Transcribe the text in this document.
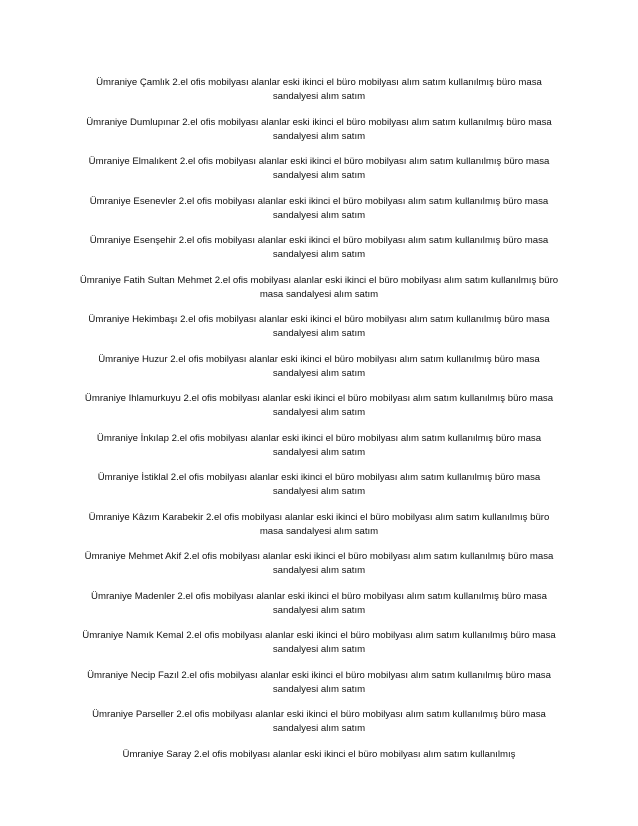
Ümraniye Çamlık 2.el ofis mobilyası alanlar eski ikinci el büro mobilyası alım satım kullanılmış büro masa sandalyesi alım satım

Ümraniye Dumlupınar 2.el ofis mobilyası alanlar eski ikinci el büro mobilyası alım satım kullanılmış büro masa sandalyesi alım satım

Ümraniye Elmalıkent 2.el ofis mobilyası alanlar eski ikinci el büro mobilyası alım satım kullanılmış büro masa sandalyesi alım satım

Ümraniye Esenevler 2.el ofis mobilyası alanlar eski ikinci el büro mobilyası alım satım kullanılmış büro masa sandalyesi alım satım

Ümraniye Esenşehir 2.el ofis mobilyası alanlar eski ikinci el büro mobilyası alım satım kullanılmış büro masa sandalyesi alım satım

Ümraniye Fatih Sultan Mehmet 2.el ofis mobilyası alanlar eski ikinci el büro mobilyası alım satım kullanılmış büro masa sandalyesi alım satım

Ümraniye Hekimbaşı 2.el ofis mobilyası alanlar eski ikinci el büro mobilyası alım satım kullanılmış büro masa sandalyesi alım satım

Ümraniye Huzur 2.el ofis mobilyası alanlar eski ikinci el büro mobilyası alım satım kullanılmış büro masa sandalyesi alım satım

Ümraniye Ihlamurkuyu 2.el ofis mobilyası alanlar eski ikinci el büro mobilyası alım satım kullanılmış büro masa sandalyesi alım satım

Ümraniye İnkılap 2.el ofis mobilyası alanlar eski ikinci el büro mobilyası alım satım kullanılmış büro masa sandalyesi alım satım

Ümraniye İstiklal 2.el ofis mobilyası alanlar eski ikinci el büro mobilyası alım satım kullanılmış büro masa sandalyesi alım satım

Ümraniye Kâzım Karabekir 2.el ofis mobilyası alanlar eski ikinci el büro mobilyası alım satım kullanılmış büro masa sandalyesi alım satım

Ümraniye Mehmet Akif 2.el ofis mobilyası alanlar eski ikinci el büro mobilyası alım satım kullanılmış büro masa sandalyesi alım satım

Ümraniye Madenler 2.el ofis mobilyası alanlar eski ikinci el büro mobilyası alım satım kullanılmış büro masa sandalyesi alım satım

Ümraniye Namık Kemal 2.el ofis mobilyası alanlar eski ikinci el büro mobilyası alım satım kullanılmış büro masa sandalyesi alım satım

Ümraniye Necip Fazıl 2.el ofis mobilyası alanlar eski ikinci el büro mobilyası alım satım kullanılmış büro masa sandalyesi alım satım

Ümraniye Parseller 2.el ofis mobilyası alanlar eski ikinci el büro mobilyası alım satım kullanılmış büro masa sandalyesi alım satım

Ümraniye Saray 2.el ofis mobilyası alanlar eski ikinci el büro mobilyası alım satım kullanılmış
